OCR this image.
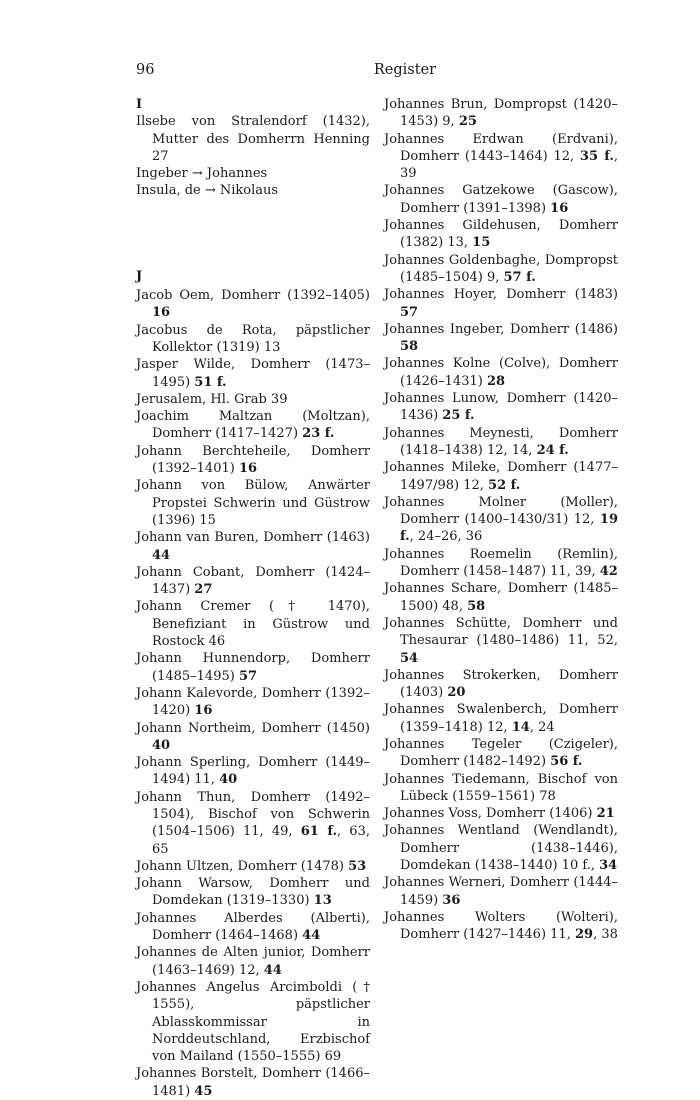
96	Register
I

Ilsebe von Stralendorf (1432), Mutter des Domherrn Henning 27

Ingeber → Johannes

Insula, de → Nikolaus

J

Jacob Oem, Domherr (1392–1405) 16

Jacobus de Rota, päpstlicher Kollektor (1319) 13

Jasper Wilde, Domherr (1473–1495) 51 f.

Jerusalem, Hl. Grab 39

Joachim Maltzan (Moltzan), Domherr (1417–1427) 23 f.

Johann Berchteheile, Domherr (1392–1401) 16

Johann von Bülow, Anwärter Propstei Schwerin und Güstrow (1396) 15

Johann van Buren, Domherr (1463) 44

Johann Cobant, Domherr (1424–1437) 27

Johann Cremer († 1470), Benefiziant in Güstrow und Rostock 46

Johann Hunnendorp, Domherr (1485–1495) 57

Johann Kalevorde, Domherr (1392–1420) 16

Johann Northeim, Domherr (1450) 40

Johann Sperling, Domherr (1449–1494) 11, 40

Johann Thun, Domherr (1492–1504), Bischof von Schwerin (1504–1506) 11, 49, 61 f., 63, 65

Johann Ultzen, Domherr (1478) 53

Johann Warsow, Domherr und Domdekan (1319–1330) 13

Johannes Alberdes (Alberti), Domherr (1464–1468) 44

Johannes de Alten junior, Domherr (1463–1469) 12, 44

Johannes Angelus Arcimboldi († 1555), päpstlicher Ablasskommissar in Norddeutschland, Erzbischof von Mailand (1550–1555) 69

Johannes Borstelt, Domherr (1466–1481) 45

Johannes Brun, Dompropst (1420–1453) 9, 25

Johannes Erdwan (Erdvani), Domherr (1443–1464) 12, 35 f., 39

Johannes Gatzekowe (Gascow), Domherr (1391–1398) 16

Johannes Gildehusen, Domherr (1382) 13, 15

Johannes Goldenbaghe, Dompropst (1485–1504) 9, 57 f.

Johannes Hoyer, Domherr (1483) 57

Johannes Ingeber, Domherr (1486) 58

Johannes Kolne (Colve), Domherr (1426–1431) 28

Johannes Lunow, Domherr (1420–1436) 25 f.

Johannes Meynesti, Domherr (1418–1438) 12, 14, 24 f.

Johannes Mileke, Domherr (1477–1497/98) 12, 52 f.

Johannes Molner (Moller), Domherr (1400–1430/31) 12, 19 f., 24–26, 36

Johannes Roemelin (Remlin), Domherr (1458–1487) 11, 39, 42

Johannes Schare, Domherr (1485–1500) 48, 58

Johannes Schütte, Domherr und Thesaurar (1480–1486) 11, 52, 54

Johannes Strokerken, Domherr (1403) 20

Johannes Swalenberch, Domherr (1359–1418) 12, 14, 24

Johannes Tegeler (Czigeler), Domherr (1482–1492) 56 f.

Johannes Tiedemann, Bischof von Lübeck (1559–1561) 78

Johannes Voss, Domherr (1406) 21

Johannes Wentland (Wendlandt), Domherr (1438–1446), Domdekan (1438–1440) 10 f., 34

Johannes Werneri, Domherr (1444–1459) 36

Johannes Wolters (Wolteri), Domherr (1427–1446) 11, 29, 38
